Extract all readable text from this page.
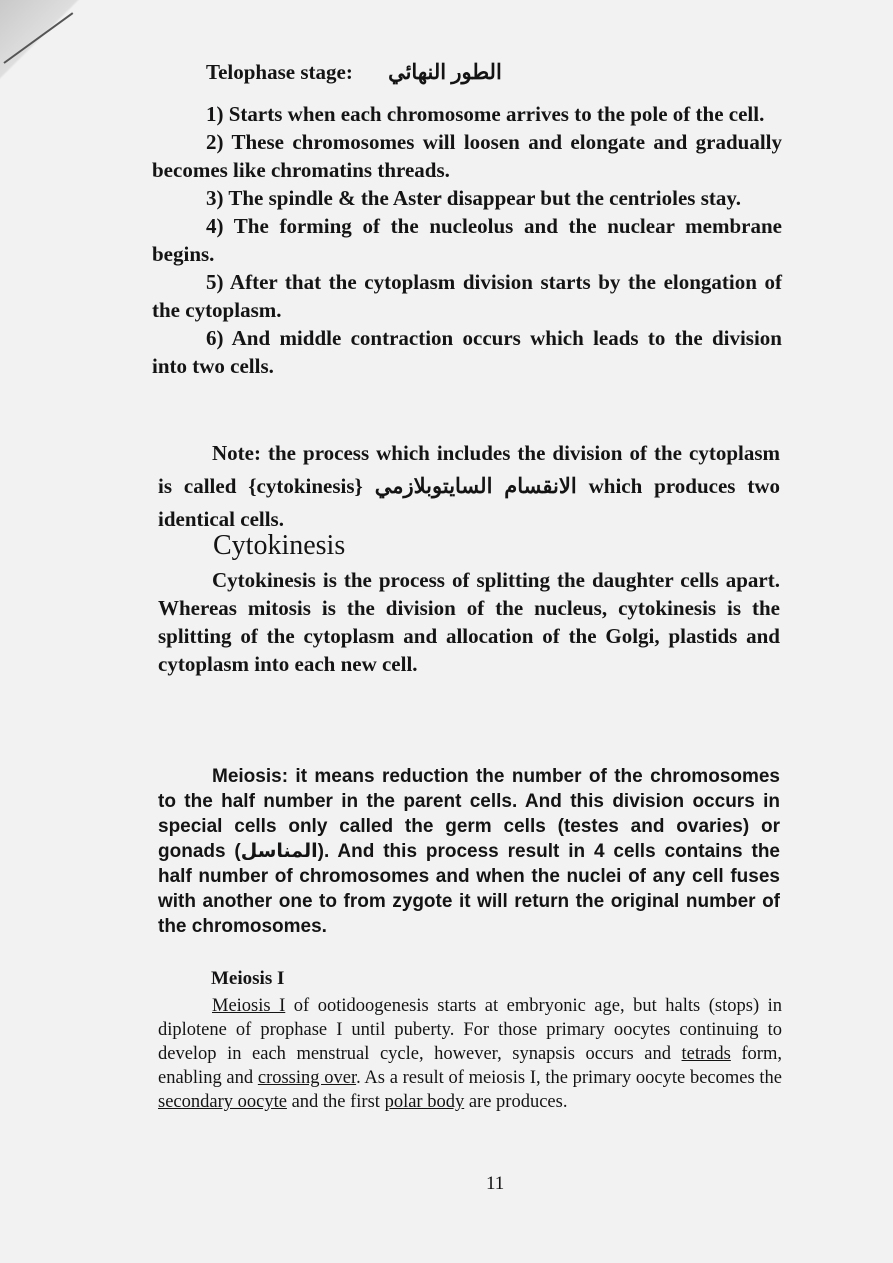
Telophase stage: الطور النهائي

1) Starts when each chromosome arrives to the pole of the cell.

2) These chromosomes will loosen and elongate and gradually becomes like chromatins threads.

3) The spindle & the Aster disappear but the centrioles stay.

4) The forming of the nucleolus and the nuclear membrane begins.

5) After that the cytoplasm division starts by the elongation of the cytoplasm.

6) And middle contraction occurs which leads to the division into two cells.

Note: the process which includes the division of the cytoplasm is called {cytokinesis} الانقسام السايتوبلازمي which produces two identical cells.

Cytokinesis

Cytokinesis is the process of splitting the daughter cells apart. Whereas mitosis is the division of the nucleus, cytokinesis is the splitting of the cytoplasm and allocation of the Golgi, plastids and cytoplasm into each new cell.

Meiosis: it means reduction the number of the chromosomes to the half number in the parent cells. And this division occurs in special cells only called the germ cells (testes and ovaries) or gonads (المناسل). And this process result in 4 cells contains the half number of chromosomes and when the nuclei of any cell fuses with another one to from zygote it will return the original number of the chromosomes.

Meiosis I

Meiosis I of ootidoogenesis starts at embryonic age, but halts (stops) in diplotene of prophase I until puberty. For those primary oocytes continuing to develop in each menstrual cycle, however, synapsis occurs and tetrads form, enabling and crossing over. As a result of meiosis I, the primary oocyte becomes the secondary oocyte and the first polar body are produces.

11
